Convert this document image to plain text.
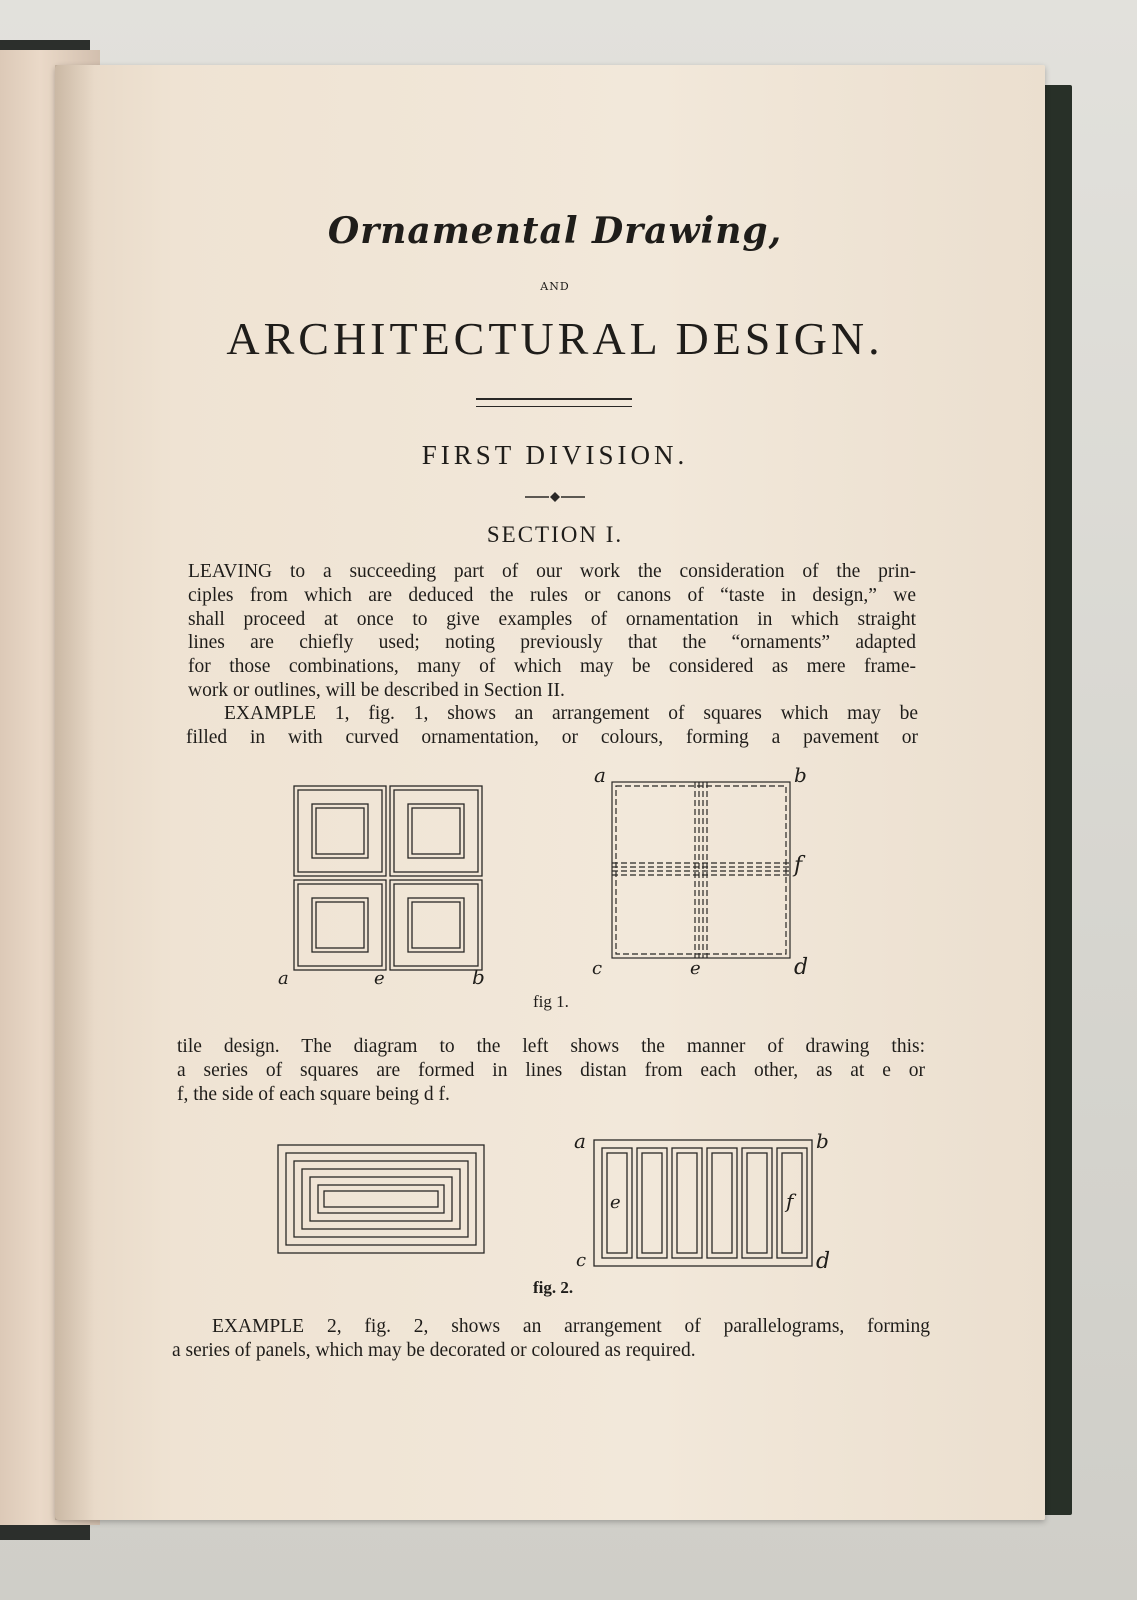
Ornamental Drawing,
AND
ARCHITECTURAL DESIGN.
FIRST DIVISION.
SECTION I.
LEAVING to a succeeding part of our work the consideration of the prin-
ciples from which are deduced the rules or canons of “taste in design,” we
shall proceed at once to give examples of ornamentation in which straight
lines are chiefly used; noting previously that the “ornaments” adapted
for those combinations, many of which may be considered as mere frame-
work or outlines, will be described in Section II.
EXAMPLE 1, fig. 1, shows an arrangement of squares which may be
filled in with curved ornamentation, or colours, forming a pavement or
a	e	b
a	b
f
c	e	d
fig 1.
tile design. The diagram to the left shows the manner of drawing this:
a series of squares are formed in lines distan from each other, as at e or
f, the side of each square being d f.
a	b
e	f
c	d
fig. 2.
EXAMPLE 2, fig. 2, shows an arrangement of parallelograms, forming
a series of panels, which may be decorated or coloured as required.
